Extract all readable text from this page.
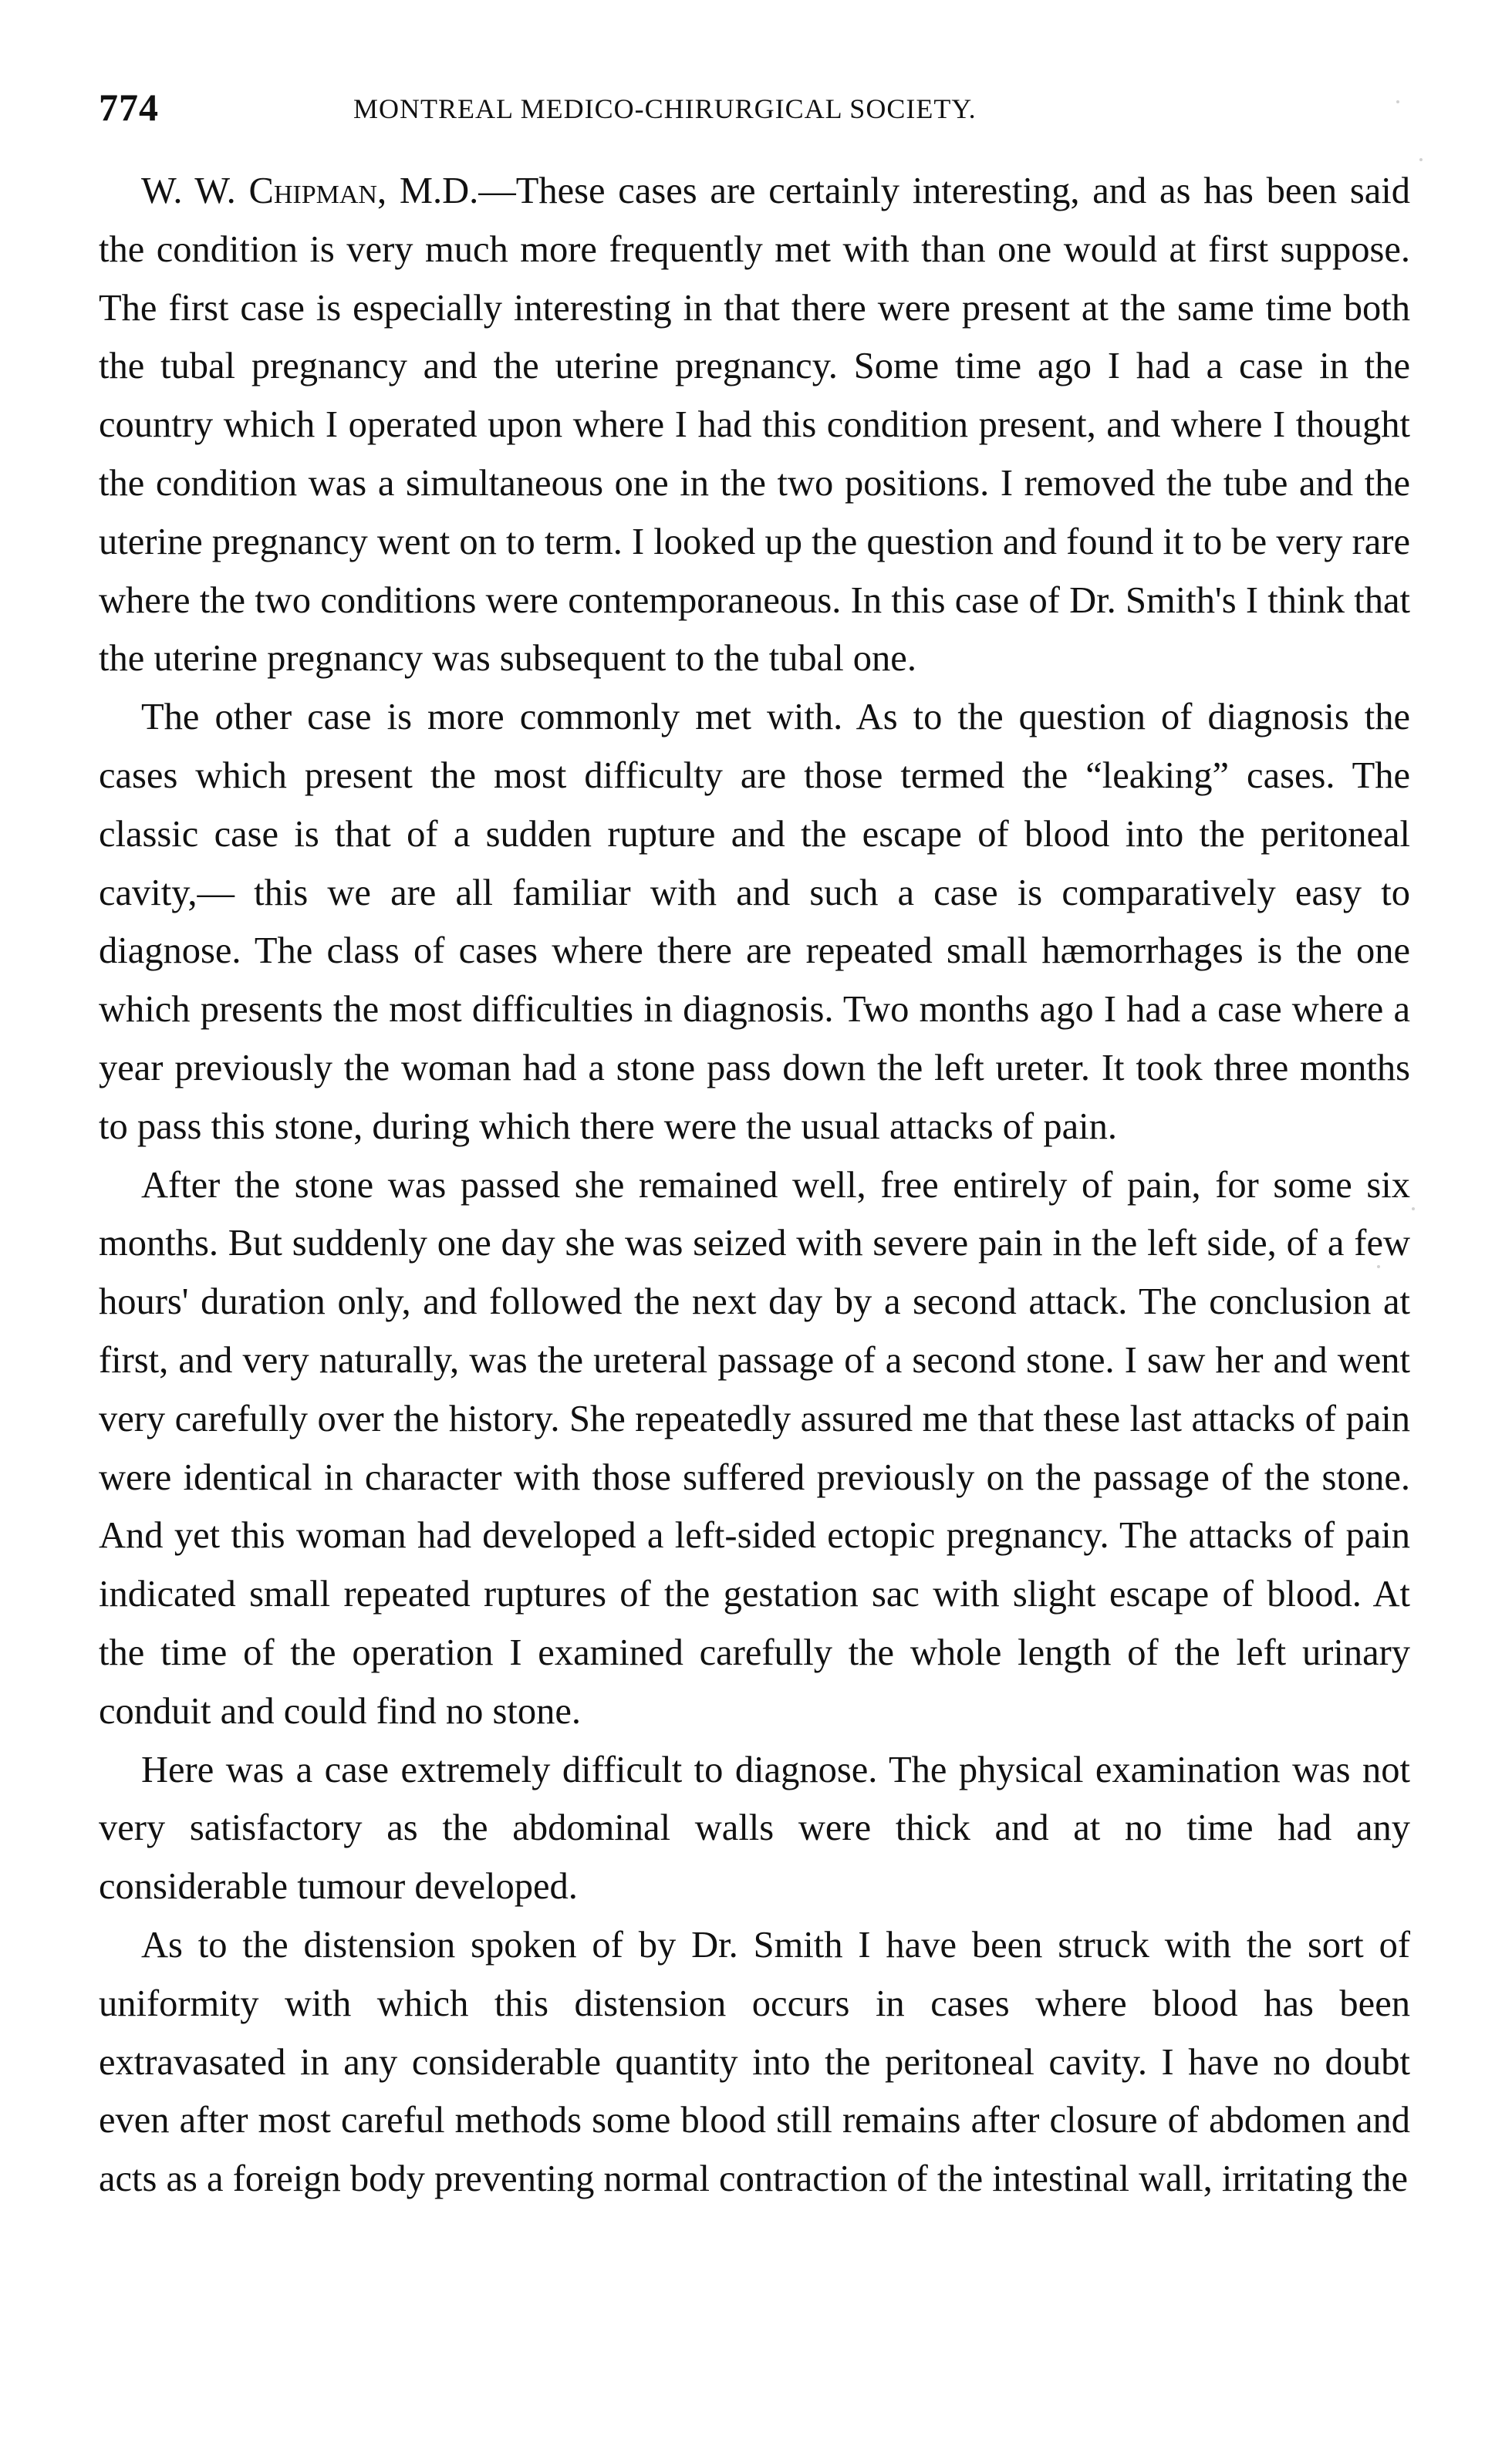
774	MONTREAL MEDICO-CHIRURGICAL SOCIETY.

W. W. Chipman, M.D.—These cases are certainly interesting, and as has been said the condition is very much more frequently met with than one would at first suppose. The first case is especially interesting in that there were present at the same time both the tubal pregnancy and the uterine pregnancy. Some time ago I had a case in the country which I operated upon where I had this condition present, and where I thought the condition was a simultaneous one in the two positions. I removed the tube and the uterine pregnancy went on to term. I looked up the question and found it to be very rare where the two conditions were contemporaneous. In this case of Dr. Smith's I think that the uterine pregnancy was subsequent to the tubal one.

The other case is more commonly met with. As to the question of diagnosis the cases which present the most difficulty are those termed the “leaking” cases. The classic case is that of a sudden rupture and the escape of blood into the peritoneal cavity,— this we are all familiar with and such a case is comparatively easy to diagnose. The class of cases where there are repeated small hæmorrhages is the one which presents the most difficulties in diagnosis. Two months ago I had a case where a year previously the woman had a stone pass down the left ureter. It took three months to pass this stone, during which there were the usual attacks of pain.

After the stone was passed she remained well, free entirely of pain, for some six months. But suddenly one day she was seized with severe pain in the left side, of a few hours' duration only, and followed the next day by a second attack. The conclusion at first, and very naturally, was the ureteral passage of a second stone. I saw her and went very carefully over the history. She repeatedly assured me that these last attacks of pain were identical in character with those suffered previously on the passage of the stone. And yet this woman had developed a left-sided ectopic pregnancy. The attacks of pain indicated small repeated ruptures of the gestation sac with slight escape of blood. At the time of the operation I examined carefully the whole length of the left urinary conduit and could find no stone.

Here was a case extremely difficult to diagnose. The physical examination was not very satisfactory as the abdominal walls were thick and at no time had any considerable tumour developed.

As to the distension spoken of by Dr. Smith I have been struck with the sort of uniformity with which this distension occurs in cases where blood has been extravasated in any considerable quantity into the peritoneal cavity. I have no doubt even after most careful methods some blood still remains after closure of abdomen and acts as a foreign body preventing normal contraction of the intestinal wall, irritating the
